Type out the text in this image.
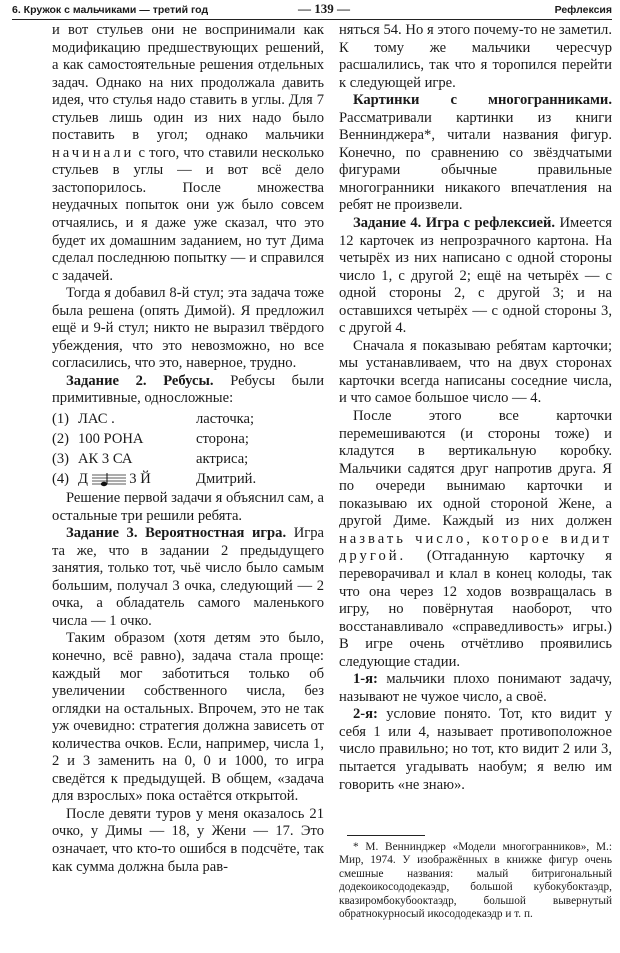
6. Кружок с мальчиками — третий год	— 139 —	Рефлексия

и вот стульев они не воспринимали как модификацию предшествующих решений, а как самостоятельные решения отдельных задач. Однако на них продолжала давить идея, что стулья надо ставить в углы. Для 7 стульев лишь один из них надо было поставить в угол; однако мальчики начинали с того, что ставили несколько стульев в углы — и вот всё дело застопорилось. После множества неудачных попыток они уж было совсем отчаялись, и я даже уже сказал, что это будет их домашним заданием, но тут Дима сделал последнюю попытку — и справился с задачей.

Тогда я добавил 8-й стул; эта задача тоже была решена (опять Димой). Я предложил ещё и 9-й стул; никто не выразил твёрдого убеждения, что это невозможно, но все согласились, что это, наверное, трудно.

Задание 2. Ребусы. Ребусы были примитивные, односложные:

(1) ЛАС .	ласточка;
(2) 100 РОНА	сторона;
(3) АК 3 СА	актриса;
(4) Д	3 Й	Дмитрий.

Решение первой задачи я объяснил сам, а остальные три решили ребята.

Задание 3. Вероятностная игра. Игра та же, что в задании 2 предыдущего занятия, только тот, чьё число было самым большим, получал 3 очка, следующий — 2 очка, а обладатель самого маленького числа — 1 очко.

Таким образом (хотя детям это было, конечно, всё равно), задача стала проще: каждый мог заботиться только об увеличении собственного числа, без оглядки на остальных. Впрочем, это не так уж очевидно: стратегия должна зависеть от количества очков. Если, например, числа 1, 2 и 3 заменить на 0, 0 и 1000, то игра сведётся к предыдущей. В общем, «задача для взрослых» пока остаётся открытой.

После девяти туров у меня оказалось 21 очко, у Димы — 18, у Жени — 17. Это означает, что кто-то ошибся в подсчёте, так как сумма должна была рав-

няться 54. Но я этого почему-то не заметил. К тому же мальчики чересчур расшалились, так что я торопился перейти к следующей игре.

Картинки с многогранниками. Рассматривали картинки из книги Веннинджера*, читали названия фигур. Конечно, по сравнению со звёздчатыми фигурами обычные правильные многогранники никакого впечатления на ребят не произвели.

Задание 4. Игра с рефлексией. Имеется 12 карточек из непрозрачного картона. На четырёх из них написано с одной стороны число 1, с другой 2; ещё на четырёх — с одной стороны 2, с другой 3; и на оставшихся четырёх — с одной стороны 3, с другой 4.

Сначала я показываю ребятам карточки; мы устанавливаем, что на двух сторонах карточки всегда написаны соседние числа, и что самое большое число — 4.

После этого все карточки перемешиваются (и стороны тоже) и кладутся в вертикальную коробку. Мальчики садятся друг напротив друга. Я по очереди вынимаю карточки и показываю их одной стороной Жене, а другой Диме. Каждый из них должен назвать число, которое видит другой. (Отгаданную карточку я переворачивал и клал в конец колоды, так что она через 12 ходов возвращалась в игру, но повёрнутая наоборот, что восстанавливало «справедливость» игры.) В игре очень отчётливо проявились следующие стадии.

1-я: мальчики плохо понимают задачу, называют не чужое число, а своё.

2-я: условие понято. Тот, кто видит у себя 1 или 4, называет противоположное число правильно; но тот, кто видит 2 или 3, пытается угадывать наобум; я велю им говорить «не знаю».

* М. Веннинджер «Модели многогранников», М.: Мир, 1974. У изображённых в книжке фигур очень смешные названия: малый битригональный додекоикосододекаэдр, большой кубокубоктаэдр, квазиромбокубооктаэдр, большой вывернутый обратнокурносый икосододекаэдр и т. п.
